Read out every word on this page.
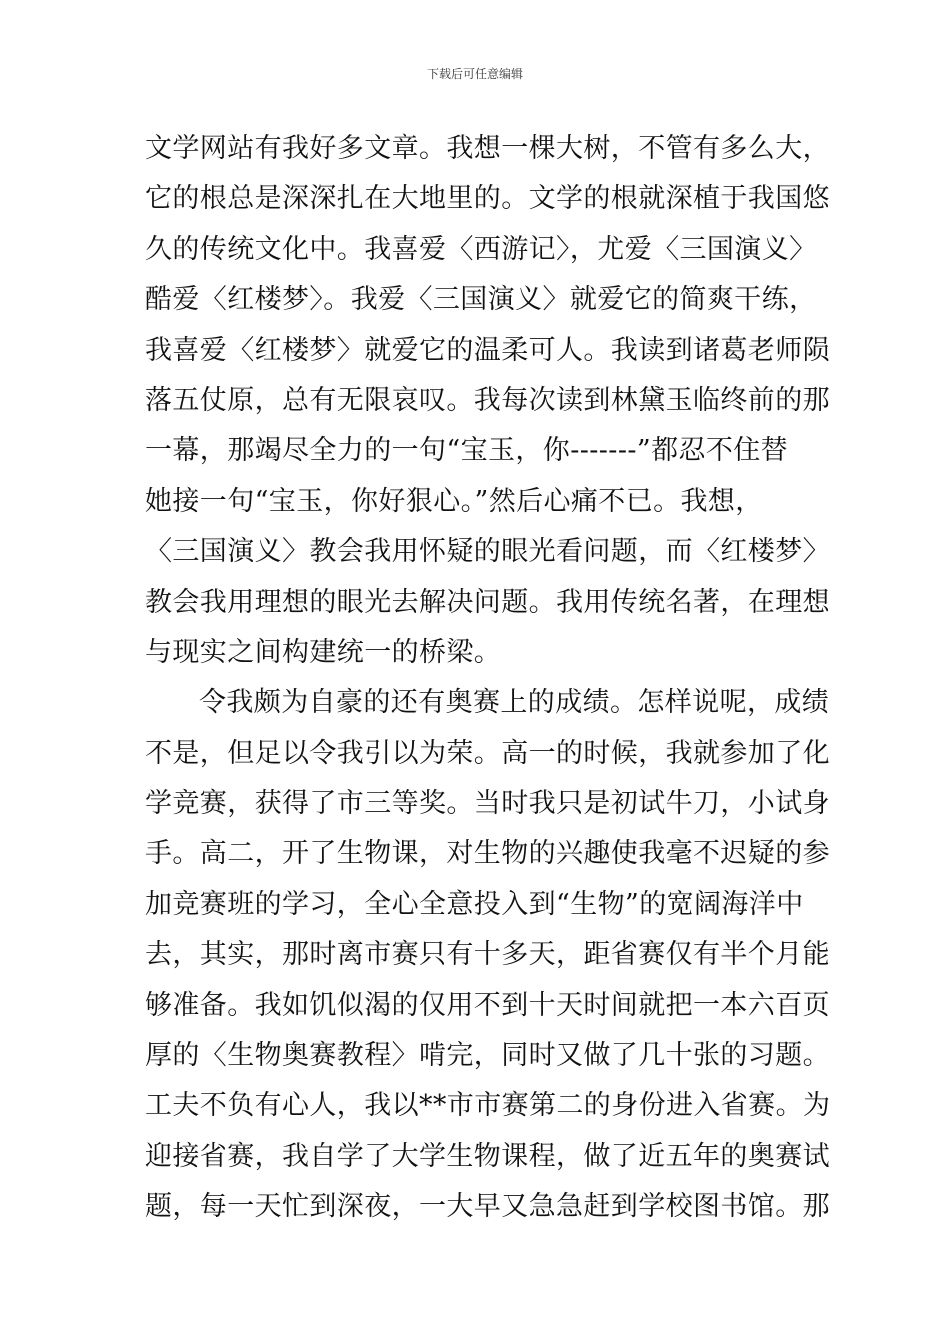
下载后可任意编辑
文学网站有我好多文章。我想一棵大树，不管有多么大，
它的根总是深深扎在大地里的。文学的根就深植于我国悠
久的传统文化中。我喜爱〈西游记〉，尤爱〈三国演义〉
酷爱〈红楼梦〉。我爱〈三国演义〉就爱它的简爽干练，
我喜爱〈红楼梦〉就爱它的温柔可人。我读到诸葛老师陨
落五仗原，总有无限哀叹。我每次读到林黛玉临终前的那
一幕，那竭尽全力的一句“宝玉，你-------”都忍不住替
她接一句“宝玉，你好狠心。”然后心痛不已。我想，
〈三国演义〉教会我用怀疑的眼光看问题，而〈红楼梦〉
教会我用理想的眼光去解决问题。我用传统名著，在理想
与现实之间构建统一的桥梁。
令我颇为自豪的还有奥赛上的成绩。怎样说呢，成绩
不是，但足以令我引以为荣。高一的时候，我就参加了化
学竞赛，获得了市三等奖。当时我只是初试牛刀，小试身
手。高二，开了生物课，对生物的兴趣使我毫不迟疑的参
加竞赛班的学习，全心全意投入到“生物”的宽阔海洋中
去，其实，那时离市赛只有十多天，距省赛仅有半个月能
够准备。我如饥似渴的仅用不到十天时间就把一本六百页
厚的〈生物奥赛教程〉啃完，同时又做了几十张的习题。
工夫不负有心人，我以**市市赛第二的身份进入省赛。为
迎接省赛，我自学了大学生物课程，做了近五年的奥赛试
题，每一天忙到深夜，一大早又急急赶到学校图书馆。那
